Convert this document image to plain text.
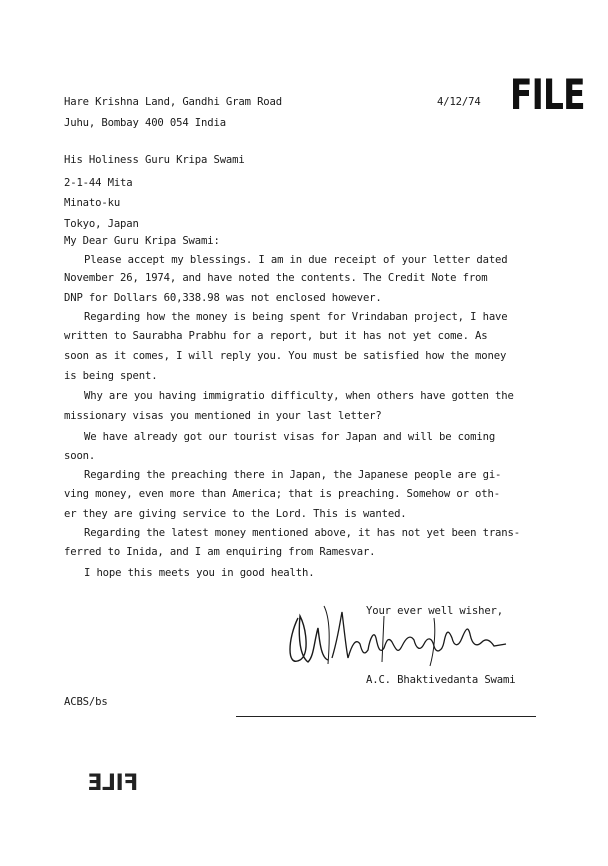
Hare Krishna Land, Gandhi Gram Road
Juhu, Bombay 400 054 India
4/12/74 FILE
His Holiness Guru Kripa Swami
2-1-44 Mita
Minato-ku
Tokyo, Japan
My Dear Guru Kripa Swami:
Please accept my blessings. I am in due receipt of your letter dated
November 26, 1974, and have noted the contents. The Credit Note from
DNP for Dollars 60,338.98 was not enclosed however.
Regarding how the money is being spent for Vrindaban project, I have
written to Saurabha Prabhu for a report, but it has not yet come. As
soon as it comes, I will reply you. You must be satisfied how the money
is being spent.
Why are you having immigratio difficulty, when others have gotten the
missionary visas you mentioned in your last letter?
We have already got our tourist visas for Japan and will be coming
soon.
Regarding the preaching there in Japan, the Japanese people are gi-
ving money, even more than America; that is preaching. Somehow or oth-
er they are giving service to the Lord. This is wanted.
Regarding the latest money mentioned above, it has not yet been trans-
ferred to Inida, and I am enquiring from Ramesvar.
I hope this meets you in good health.
Your ever well wisher,
A.C. Bhaktivedanta Swami
ACBS/bs
FILE
